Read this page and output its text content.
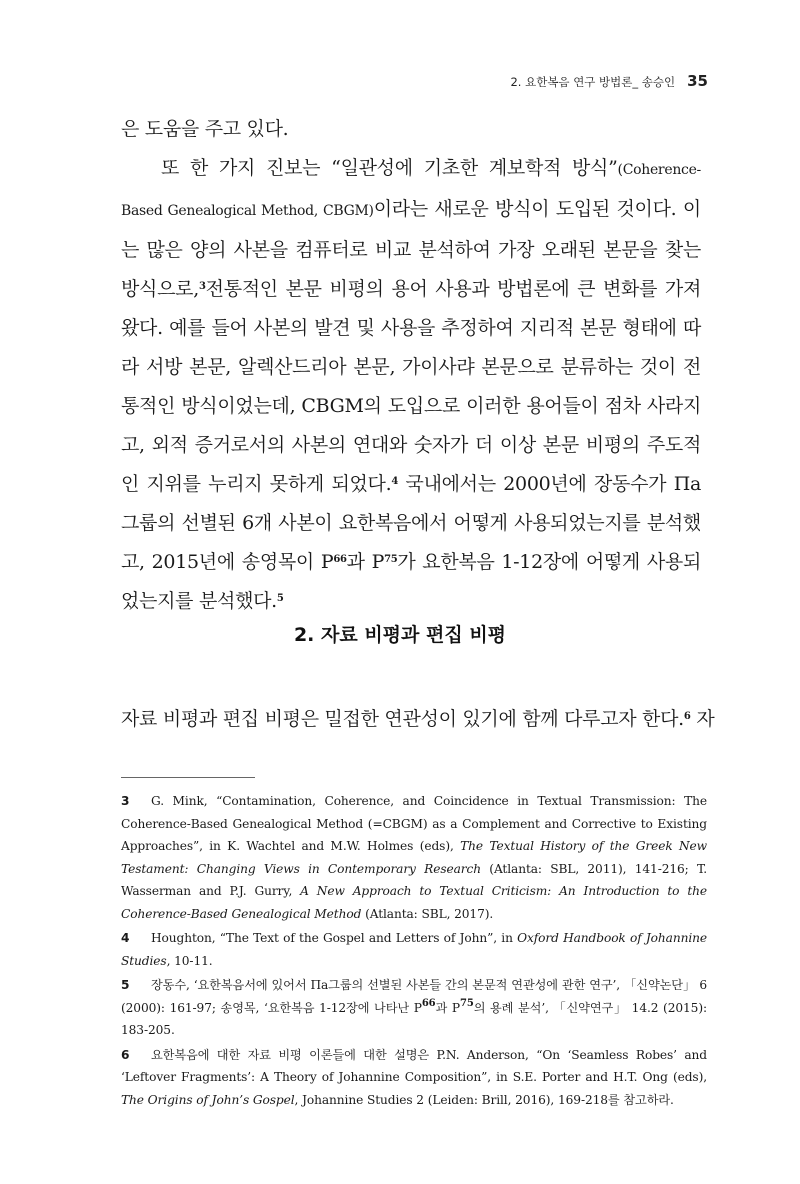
2. 요한복음 연구 방법론_ 송승인 35

은 도움을 주고 있다.

또 한 가지 진보는 “일관성에 기초한 계보학적 방식”(Coherence-Based Genealogical Method, CBGM)이라는 새로운 방식이 도입된 것이다. 이는 많은 양의 사본을 컴퓨터로 비교 분석하여 가장 오래된 본문을 찾는 방식으로,$^3$전통적인 본문 비평의 용어 사용과 방법론에 큰 변화를 가져왔다. 예를 들어 사본의 발견 및 사용을 추정하여 지리적 본문 형태에 따라 서방 본문, 알렉산드리아 본문, 가이사랴 본문으로 분류하는 것이 전통적인 방식이었는데, CBGM의 도입으로 이러한 용어들이 점차 사라지고, 외적 증거로서의 사본의 연대와 숫자가 더 이상 본문 비평의 주도적인 지위를 누리지 못하게 되었다.$^4$ 국내에서는 2000년에 장동수가 Πa그룹의 선별된 6개 사본이 요한복음에서 어떻게 사용되었는지를 분석했고, 2015년에 송영목이 $P^{66}$과 $P^{75}$가 요한복음 1-12장에 어떻게 사용되었는지를 분석했다.$^5$

2. 자료 비평과 편집 비평
자료 비평과 편집 비평은 밀접한 연관성이 있기에 함께 다루고자 한다.$^6$ 자

3 G. Mink, “Contamination, Coherence, and Coincidence in Textual Transmission: The Coherence-Based Genealogical Method (=CBGM) as a Complement and Corrective to Existing Approaches”, in K. Wachtel and M.W. Holmes (eds), The Textual History of the Greek New Testament: Changing Views in Contemporary Research (Atlanta: SBL, 2011), 141-216; T. Wasserman and P.J. Gurry, A New Approach to Textual Criticism: An Introduction to the Coherence-Based Genealogical Method (Atlanta: SBL, 2017).

4 Houghton, “The Text of the Gospel and Letters of John”, in Oxford Handbook of Johannine Studies, 10-11.

5 장동수, ‘요한복음서에 있어서 Πa그룹의 선별된 사본들 간의 본문적 연관성에 관한 연구’, 「신약논단」 6 (2000): 161-97; 송영목, ‘요한복음 1-12장에 나타난 $P^{66}$과 $P^{75}$의 용례 분석’, 「신약연구」 14.2 (2015): 183-205.

6 요한복음에 대한 자료 비평 이론들에 대한 설명은 P.N. Anderson, “On ‘Seamless Robes’ and ‘Leftover Fragments’: A Theory of Johannine Composition”, in S.E. Porter and H.T. Ong (eds), The Origins of John’s Gospel, Johannine Studies 2 (Leiden: Brill, 2016), 169-218를 참고하라.
